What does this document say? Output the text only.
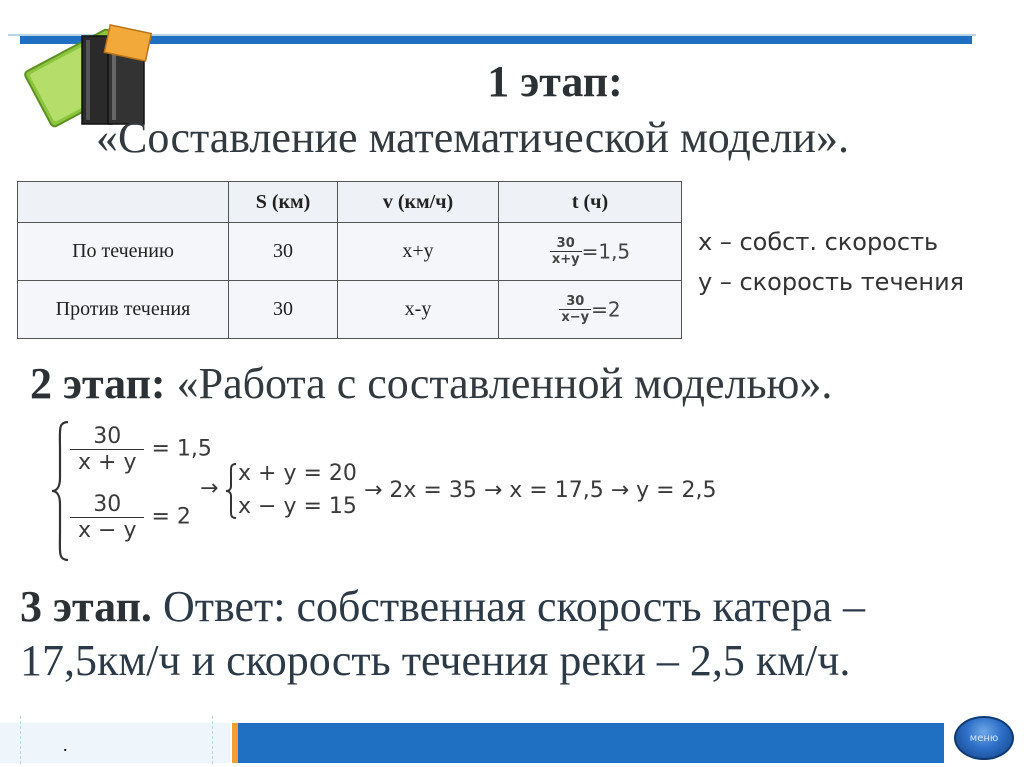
1 этап:
«Составление математической модели».
	S (км)	v (км/ч)	t (ч)
По течению	30	x+y	$\frac{30}{x+y} =1,5$
Против течения	30	x-y	$\frac{30}{x-y} =2$
x – собст. скорость
y – скорость течения
2 этап: «Работа с составленной моделью».
$\frac{30}{x + y} = 1,5$
$\frac{30}{x - y} = 2$
→
x + y = 20
x − y = 15
→ 2x = 35 → x = 17,5 → y = 2,5
3 этап. Ответ: собственная скорость катера –
17,5км/ч и скорость течения реки – 2,5 км/ч.
.	меню
